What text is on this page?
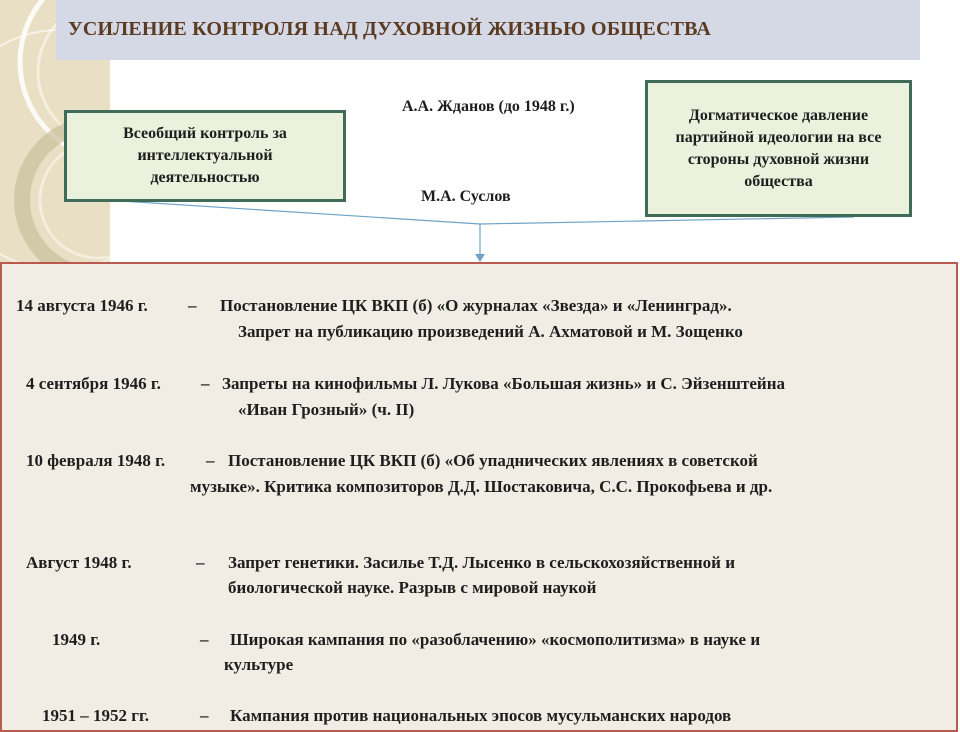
УСИЛЕНИЕ КОНТРОЛЯ НАД ДУХОВНОЙ ЖИЗНЬЮ ОБЩЕСТВА
Всеобщий контроль за интеллектуальной деятельностью
Догматическое давление партийной идеологии на все стороны духовной жизни общества

А.А. Жданов (до 1948 г.)

М.А. Суслов

14 августа 1946 г. – Постановление ЦК ВКП (б) «О журналах «Звезда» и «Ленинград».
Запрет на публикацию произведений А. Ахматовой и М. Зощенко
4 сентября 1946 г. – Запреты на кинофильмы Л. Лукова «Большая жизнь» и С. Эйзенштейна
«Иван Грозный» (ч. II)
10 февраля 1948 г. – Постановление ЦК ВКП (б) «Об упаднических явлениях в советской
музыке». Критика композиторов Д.Д. Шостаковича, С.С. Прокофьева и др.
Август 1948 г.	– Запрет генетики. Засилье Т.Д. Лысенко в сельскохозяйственной и
биологической науке. Разрыв с мировой наукой
1949 г.	– Широкая кампания по «разоблачению» «космополитизма» в науке и
культуре
1951 – 1952 гг.	– Кампания против национальных эпосов мусульманских народов
